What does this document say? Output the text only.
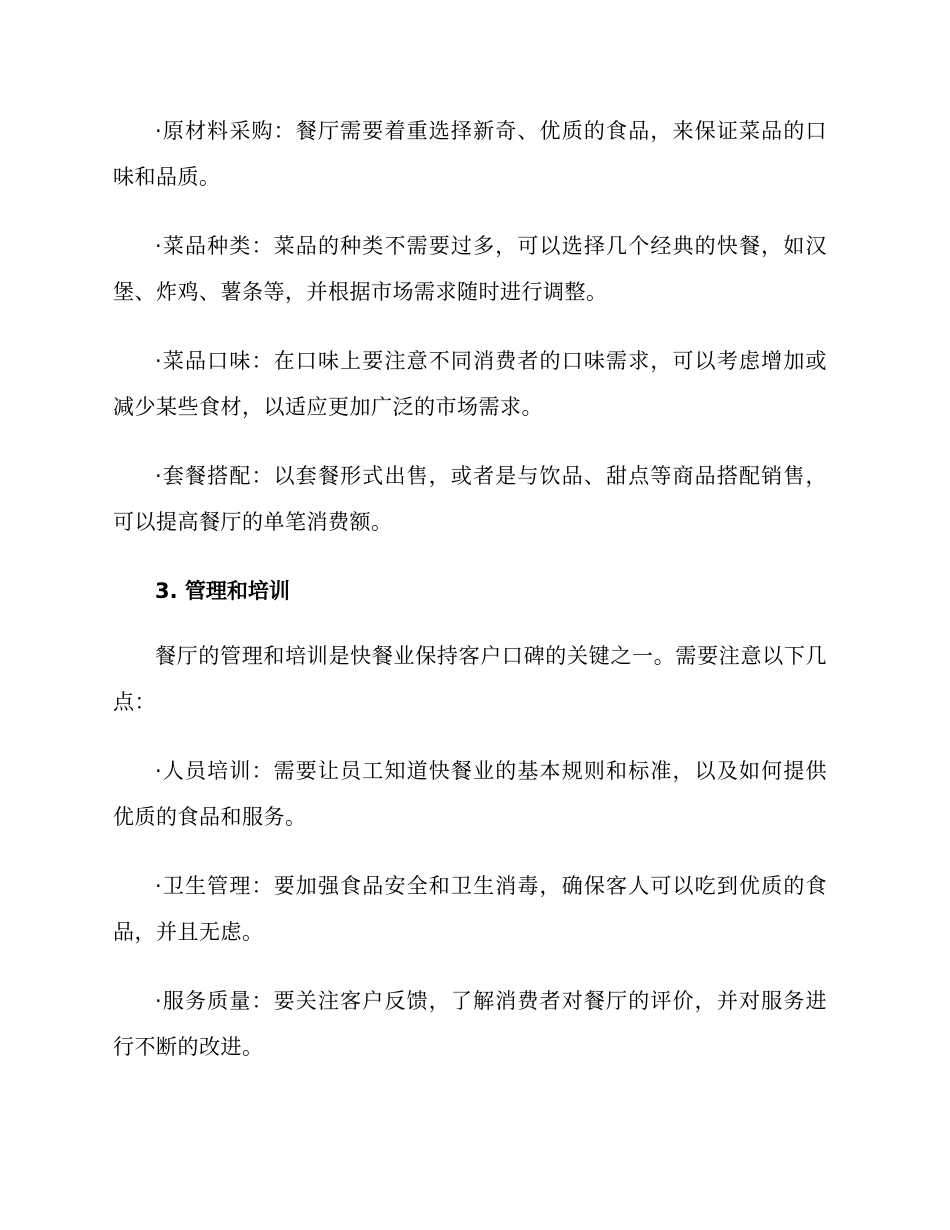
·原材料采购：餐厅需要着重选择新奇、优质的食品，来保证菜品的口味和品质。

·菜品种类：菜品的种类不需要过多，可以选择几个经典的快餐，如汉堡、炸鸡、薯条等，并根据市场需求随时进行调整。

·菜品口味：在口味上要注意不同消费者的口味需求，可以考虑增加或减少某些食材，以适应更加广泛的市场需求。

·套餐搭配：以套餐形式出售，或者是与饮品、甜点等商品搭配销售，可以提高餐厅的单笔消费额。

3. 管理和培训

餐厅的管理和培训是快餐业保持客户口碑的关键之一。需要注意以下几点：

·人员培训：需要让员工知道快餐业的基本规则和标准，以及如何提供优质的食品和服务。

·卫生管理：要加强食品安全和卫生消毒，确保客人可以吃到优质的食品，并且无虑。

·服务质量：要关注客户反馈，了解消费者对餐厅的评价，并对服务进行不断的改进。
